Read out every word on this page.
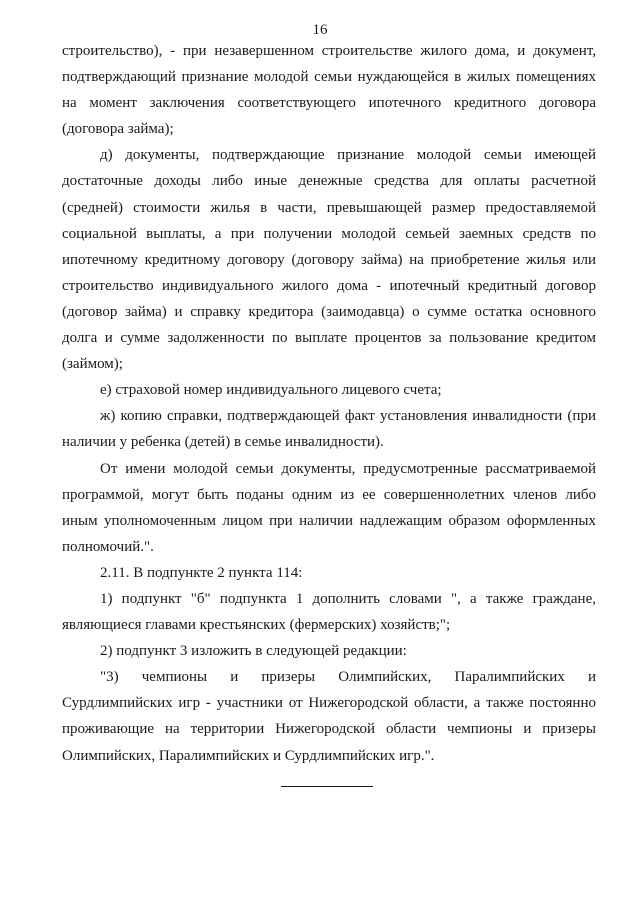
16
строительство), - при незавершенном строительстве жилого дома, и документ,
подтверждающий признание молодой семьи нуждающейся в жилых помещениях
на момент заключения соответствующего ипотечного кредитного договора
(договора займа);
д) документы, подтверждающие признание молодой семьи имеющей
достаточные доходы либо иные денежные средства для оплаты расчетной
(средней) стоимости жилья в части, превышающей размер предоставляемой
социальной выплаты, а при получении молодой семьей заемных средств по
ипотечному кредитному договору (договору займа) на приобретение жилья или
строительство индивидуального жилого дома - ипотечный кредитный договор
(договор займа) и справку кредитора (заимодавца) о сумме остатка основного
долга и сумме задолженности по выплате процентов за пользование кредитом
(займом);
е) страховой номер индивидуального лицевого счета;
ж) копию справки, подтверждающей факт установления инвалидности (при
наличии у ребенка (детей) в семье инвалидности).
От имени молодой семьи документы, предусмотренные рассматриваемой
программой, могут быть поданы одним из ее совершеннолетних членов либо
иным уполномоченным лицом при наличии надлежащим образом оформленных
полномочий.".
2.11. В подпункте 2 пункта 114:
1) подпункт "б" подпункта 1 дополнить словами ", а также граждане,
являющиеся главами крестьянских (фермерских) хозяйств;";
2) подпункт 3 изложить в следующей редакции:
"3) чемпионы и призеры Олимпийских, Паралимпийских и
Сурдлимпийских игр - участники от Нижегородской области, а также постоянно
проживающие на территории Нижегородской области чемпионы и призеры
Олимпийских, Паралимпийских и Сурдлимпийских игр.".
